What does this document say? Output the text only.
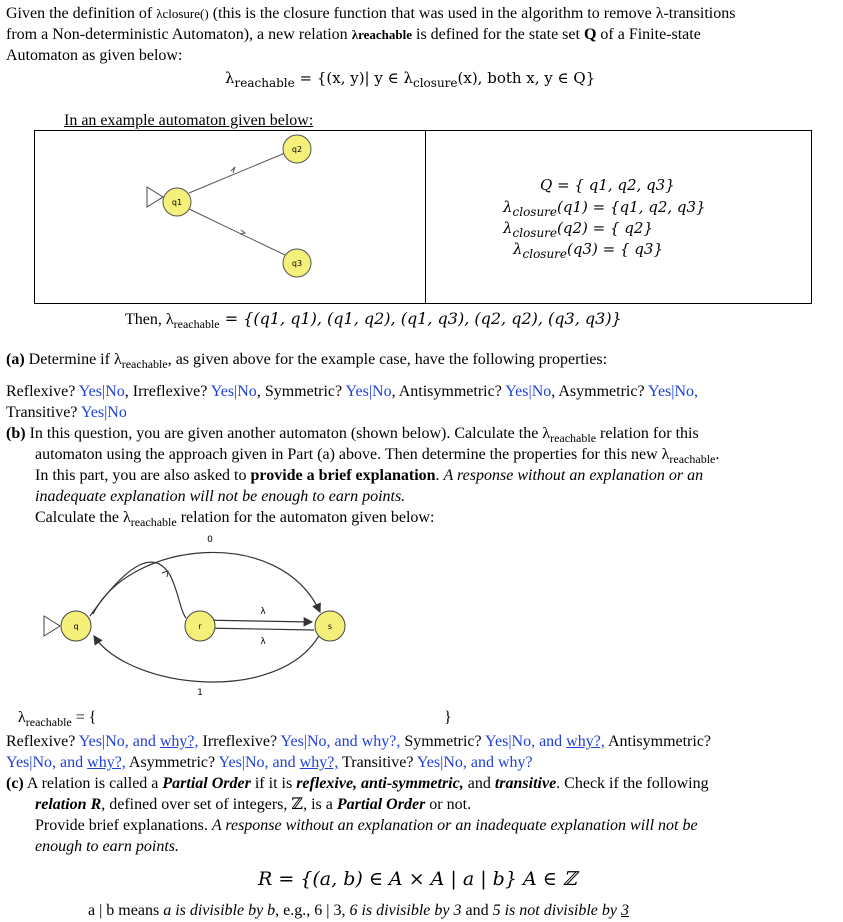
Given the definition of λclosure() (this is the closure function that was used in the algorithm to remove λ-transitions
from a Non-deterministic Automaton), a new relation λreachable is defined for the state set Q of a Finite-state
Automaton as given below:
$\lambda_{reachable} = \{(x$, y)| y ∈ $\lambda_{closure}(x)$, both x, y ∈ Q}
In an example automaton given below:
q1
q2
q3
Q = { q1, q2, q3}
$\lambda_{closure}(q1) = \{q1$, q2, q3}
$\lambda_{closure}(q2)$ = { q2}
$\lambda_{closure}(q3)$ = { q3}
Then, $\lambda_{reachable} = \{(q1$, q1), (q1, q2), (q1, q3), (q2, q2), (q3, q3)}
(a) Determine if $\lambda_{reachable}$, as given above for the example case, have the following properties:
Reflexive? Yes|No, Irreflexive? Yes|No, Symmetric? Yes|No, Antisymmetric? Yes|No, Asymmetric? Yes|No,
Transitive? Yes|No
(b) In this question, you are given another automaton (shown below). Calculate the $\lambda_{reachable}$ relation for this
automaton using the approach given in Part (a) above. Then determine the properties for this new $\lambda_{reachable}$.
In this part, you are also asked to provide a brief explanation. A response without an explanation or an
inadequate explanation will not be enough to earn points.
Calculate the $\lambda_{reachable}$ relation for the automaton given below:
0
λ
λ
1
q	r	s
$\lambda_{reachable}$ = {	}
Reflexive? Yes|No, and why?, Irreflexive? Yes|No, and why?, Symmetric? Yes|No, and why?, Antisymmetric?
Yes|No, and why?, Asymmetric? Yes|No, and why?, Transitive? Yes|No, and why?
(c) A relation is called a Partial Order if it is reflexive, anti-symmetric, and transitive. Check if the following
relation R, defined over set of integers, ℤ, is a Partial Order or not.
Provide brief explanations. A response without an explanation or an inadequate explanation will not be
enough to earn points.
R = {(a, b) ∈ A × A | a | b} A ∈ ℤ
a | b means a is divisible by b, e.g., 6 | 3, 6 is divisible by 3 and 5 is not divisible by 3
